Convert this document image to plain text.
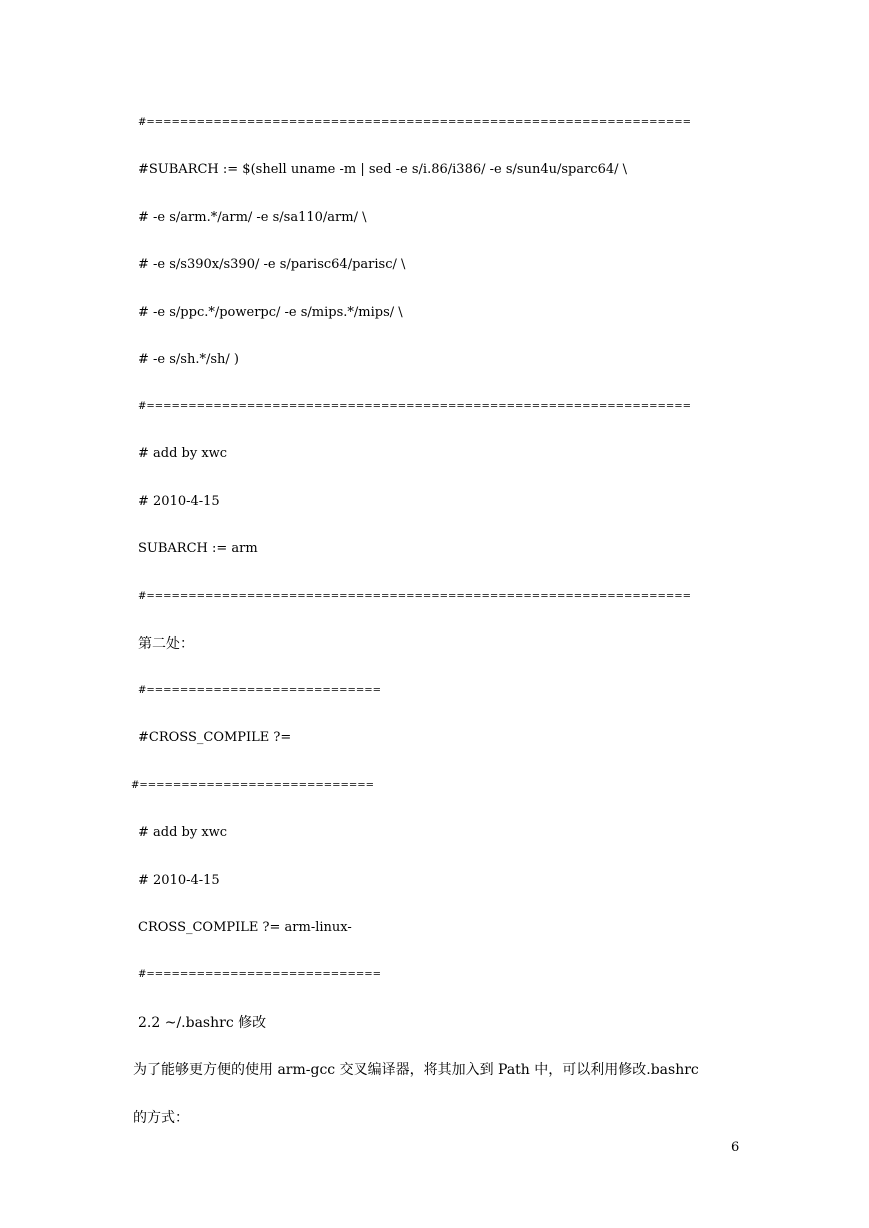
#=================================================================
#SUBARCH := $(shell uname -m | sed -e s/i.86/i386/ -e s/sun4u/sparc64/ \
# -e s/arm.*/arm/ -e s/sa110/arm/ \
# -e s/s390x/s390/ -e s/parisc64/parisc/ \
# -e s/ppc.*/powerpc/ -e s/mips.*/mips/ \
# -e s/sh.*/sh/ )
#=================================================================
# add by xwc
# 2010-4-15
SUBARCH := arm
#=================================================================
第二处：
#============================
#CROSS_COMPILE ?=
#============================
# add by xwc
# 2010-4-15
CROSS_COMPILE ?= arm-linux-
#============================
2.2 ~/.bashrc 修改
为了能够更方便的使用 arm-gcc 交叉编译器，将其加入到 Path 中，可以利用修改.bashrc
的方式：
6
